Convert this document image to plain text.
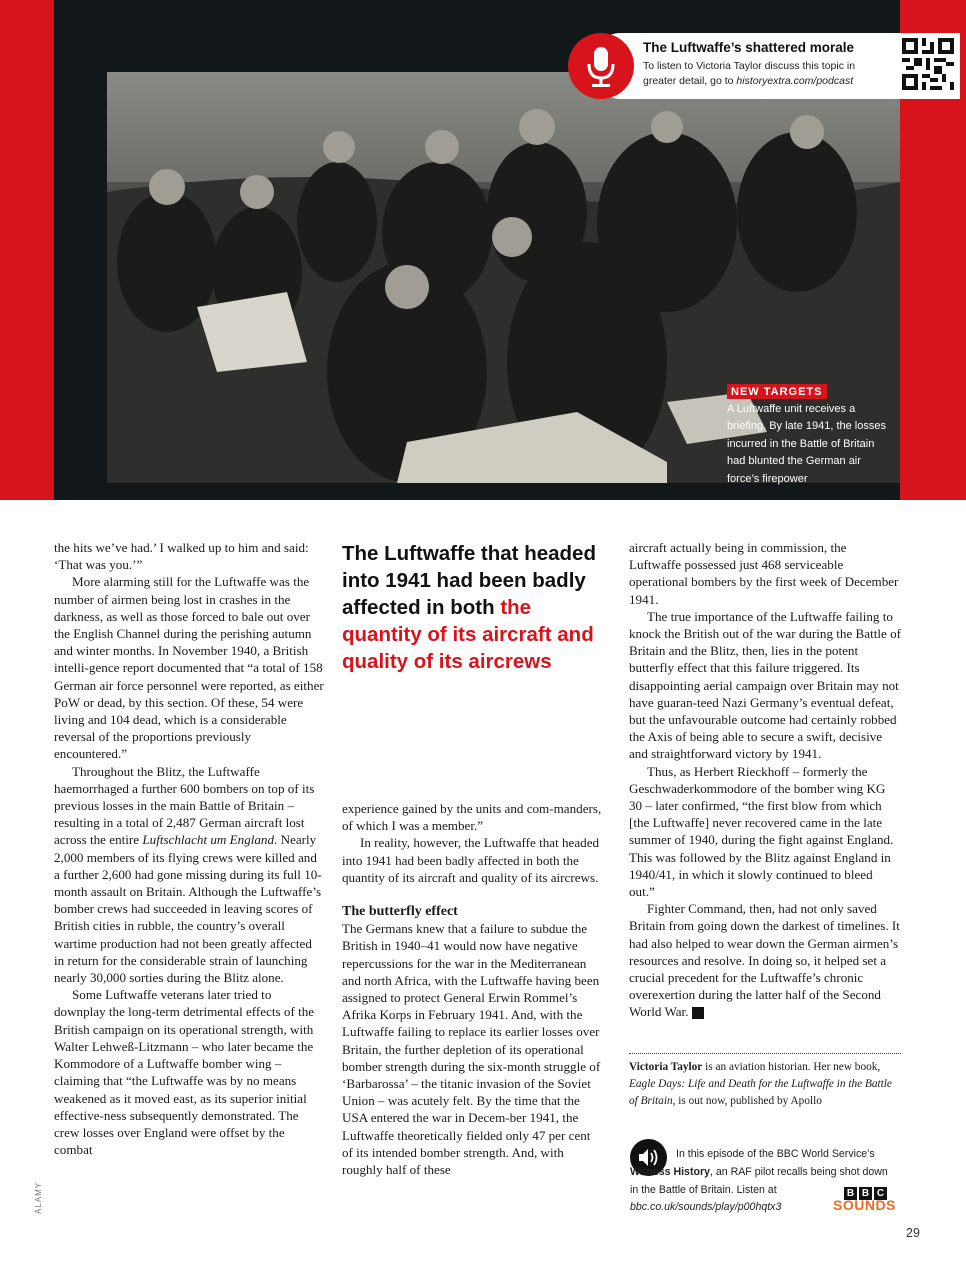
The Luftwaffe’s shattered morale
To listen to Victoria Taylor discuss this topic in greater detail, go to historyextra.com/podcast
NEW TARGETS
A Luftwaffe unit receives a briefing. By late 1941, the losses incurred in the Battle of Britain had blunted the German air force’s firepower

the hits we’ve had.’ I walked up to him and said: ‘That was you.’”

More alarming still for the Luftwaffe was the number of airmen being lost in crashes in the darkness, as well as those forced to bale out over the English Channel during the perishing autumn and winter months. In November 1940, a British intelli-gence report documented that “a total of 158 German air force personnel were reported, as either PoW or dead, by this section. Of these, 54 were living and 104 dead, which is a considerable reversal of the proportions previously encountered.”

Throughout the Blitz, the Luftwaffe haemorrhaged a further 600 bombers on top of its previous losses in the main Battle of Britain – resulting in a total of 2,487 German aircraft lost across the entire Luftschlacht um England. Nearly 2,000 members of its flying crews were killed and a further 2,600 had gone missing during its full 10-month assault on Britain. Although the Luftwaffe’s bomber crews had succeeded in leaving scores of British cities in rubble, the country’s overall wartime production had not been greatly affected in return for the considerable strain of launching nearly 30,000 sorties during the Blitz alone.

Some Luftwaffe veterans later tried to downplay the long-term detrimental effects of the British campaign on its operational strength, with Walter Lehweß-Litzmann – who later became the Kommodore of a Luftwaffe bomber wing – claiming that “the Luftwaffe was by no means weakened as it moved east, as its superior initial effective-ness subsequently demonstrated. The crew losses over England were offset by the combat

The Luftwaffe that headed into 1941 had been badly affected in both the quantity of its aircraft and quality of its aircrews

experience gained by the units and com-manders, of which I was a member.”

In reality, however, the Luftwaffe that headed into 1941 had been badly affected in both the quantity of its aircraft and quality of its aircrews.

The butterfly effect

The Germans knew that a failure to subdue the British in 1940–41 would now have negative repercussions for the war in the Mediterranean and north Africa, with the Luftwaffe having been assigned to protect General Erwin Rommel’s Afrika Korps in February 1941. And, with the Luftwaffe failing to replace its earlier losses over Britain, the further depletion of its operational bomber strength during the six-month struggle of ‘Barbarossa’ – the titanic invasion of the Soviet Union – was acutely felt. By the time that the USA entered the war in Decem-ber 1941, the Luftwaffe theoretically fielded only 47 per cent of its intended bomber strength. And, with roughly half of these

aircraft actually being in commission, the Luftwaffe possessed just 468 serviceable operational bombers by the first week of December 1941.

The true importance of the Luftwaffe failing to knock the British out of the war during the Battle of Britain and the Blitz, then, lies in the potent butterfly effect that this failure triggered. Its disappointing aerial campaign over Britain may not have guaran-teed Nazi Germany’s eventual defeat, but the unfavourable outcome had certainly robbed the Axis of being able to secure a swift, decisive and straightforward victory by 1941.

Thus, as Herbert Rieckhoff – formerly the Geschwaderkommodore of the bomber wing KG 30 – later confirmed, “the first blow from which [the Luftwaffe] never recovered came in the late summer of 1940, during the fight against England. This was followed by the Blitz against England in 1940/41, in which it slowly continued to bleed out.”

Fighter Command, then, had not only saved Britain from going down the darkest of timelines. It had also helped to wear down the German airmen’s resources and resolve. In doing so, it helped set a crucial precedent for the Luftwaffe’s chronic overexertion during the latter half of the Second World War. H

Victoria Taylor is an aviation historian. Her new book, Eagle Days: Life and Death for the Luftwaffe in the Battle of Britain, is out now, published by Apollo
In this episode of the BBC World Service’s Witness History, an RAF pilot recalls being shot down in the Battle of Britain. Listen at bbc.co.uk/sounds/play/p00hqtx3
B B C
SOUNDS
ALAMY
29
